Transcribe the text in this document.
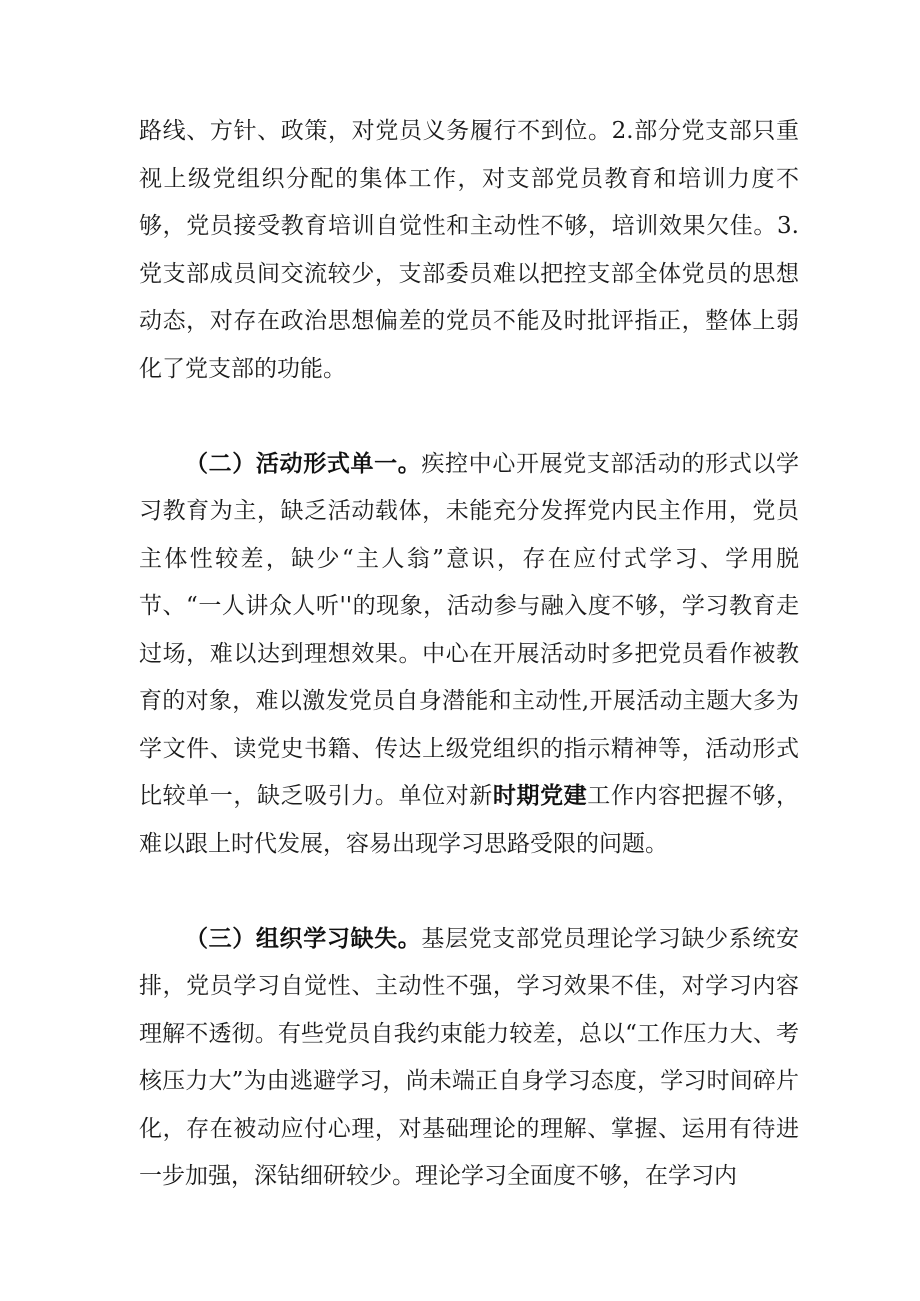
路线、方针、政策，对党员义务履行不到位。2.部分党支部只重视上级党组织分配的集体工作，对支部党员教育和培训力度不够，党员接受教育培训自觉性和主动性不够，培训效果欠佳。3.党支部成员间交流较少，支部委员难以把控支部全体党员的思想动态，对存在政治思想偏差的党员不能及时批评指正，整体上弱化了党支部的功能。

（二）活动形式单一。疾控中心开展党支部活动的形式以学习教育为主，缺乏活动载体，未能充分发挥党内民主作用，党员主体性较差，缺少“主人翁”意识，存在应付式学习、学用脱节、“一人讲众人听''的现象，活动参与融入度不够，学习教育走过场，难以达到理想效果。中心在开展活动时多把党员看作被教育的对象，难以激发党员自身潜能和主动性,开展活动主题大多为学文件、读党史书籍、传达上级党组织的指示精神等，活动形式比较单一，缺乏吸引力。单位对新时期党建工作内容把握不够，难以跟上时代发展，容易出现学习思路受限的问题。

（三）组织学习缺失。基层党支部党员理论学习缺少系统安排，党员学习自觉性、主动性不强，学习效果不佳，对学习内容理解不透彻。有些党员自我约束能力较差，总以“工作压力大、考核压力大”为由逃避学习，尚未端正自身学习态度，学习时间碎片化，存在被动应付心理，对基础理论的理解、掌握、运用有待进一步加强，深钻细研较少。理论学习全面度不够，在学习内
